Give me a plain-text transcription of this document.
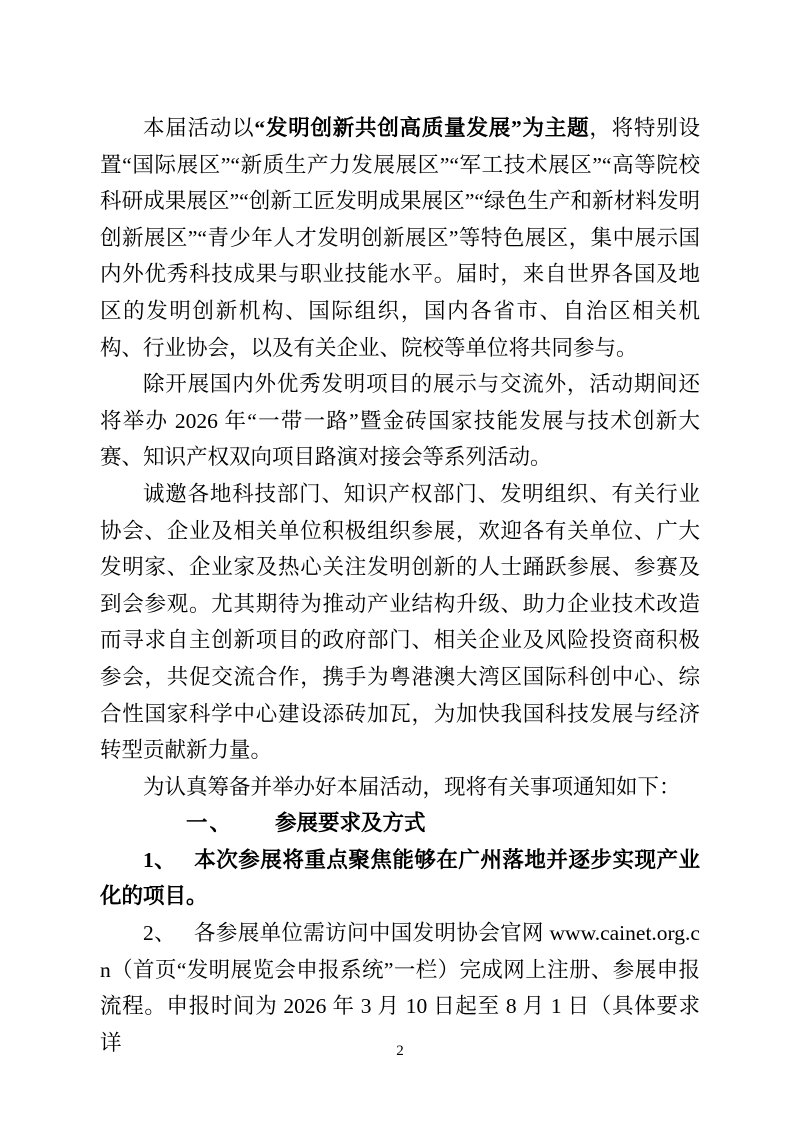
本届活动以“发明创新共创高质量发展”为主题，将特别设置“国际展区”“新质生产力发展展区”“军工技术展区”“高等院校科研成果展区”“创新工匠发明成果展区”“绿色生产和新材料发明创新展区”“青少年人才发明创新展区”等特色展区，集中展示国内外优秀科技成果与职业技能水平。届时，来自世界各国及地区的发明创新机构、国际组织，国内各省市、自治区相关机构、行业协会，以及有关企业、院校等单位将共同参与。

除开展国内外优秀发明项目的展示与交流外，活动期间还将举办 2026 年“一带一路”暨金砖国家技能发展与技术创新大赛、知识产权双向项目路演对接会等系列活动。

诚邀各地科技部门、知识产权部门、发明组织、有关行业协会、企业及相关单位积极组织参展，欢迎各有关单位、广大发明家、企业家及热心关注发明创新的人士踊跃参展、参赛及到会参观。尤其期待为推动产业结构升级、助力企业技术改造而寻求自主创新项目的政府部门、相关企业及风险投资商积极参会，共促交流合作，携手为粤港澳大湾区国际科创中心、综合性国家科学中心建设添砖加瓦，为加快我国科技发展与经济转型贡献新力量。

为认真筹备并举办好本届活动，现将有关事项通知如下：

一、 参展要求及方式

1、 本次参展将重点聚焦能够在广州落地并逐步实现产业化的项目。

2、 各参展单位需访问中国发明协会官网 www.cainet.org.cn（首页“发明展览会申报系统”一栏）完成网上注册、参展申报流程。申报时间为 2026 年 3 月 10 日起至 8 月 1 日（具体要求详	2
